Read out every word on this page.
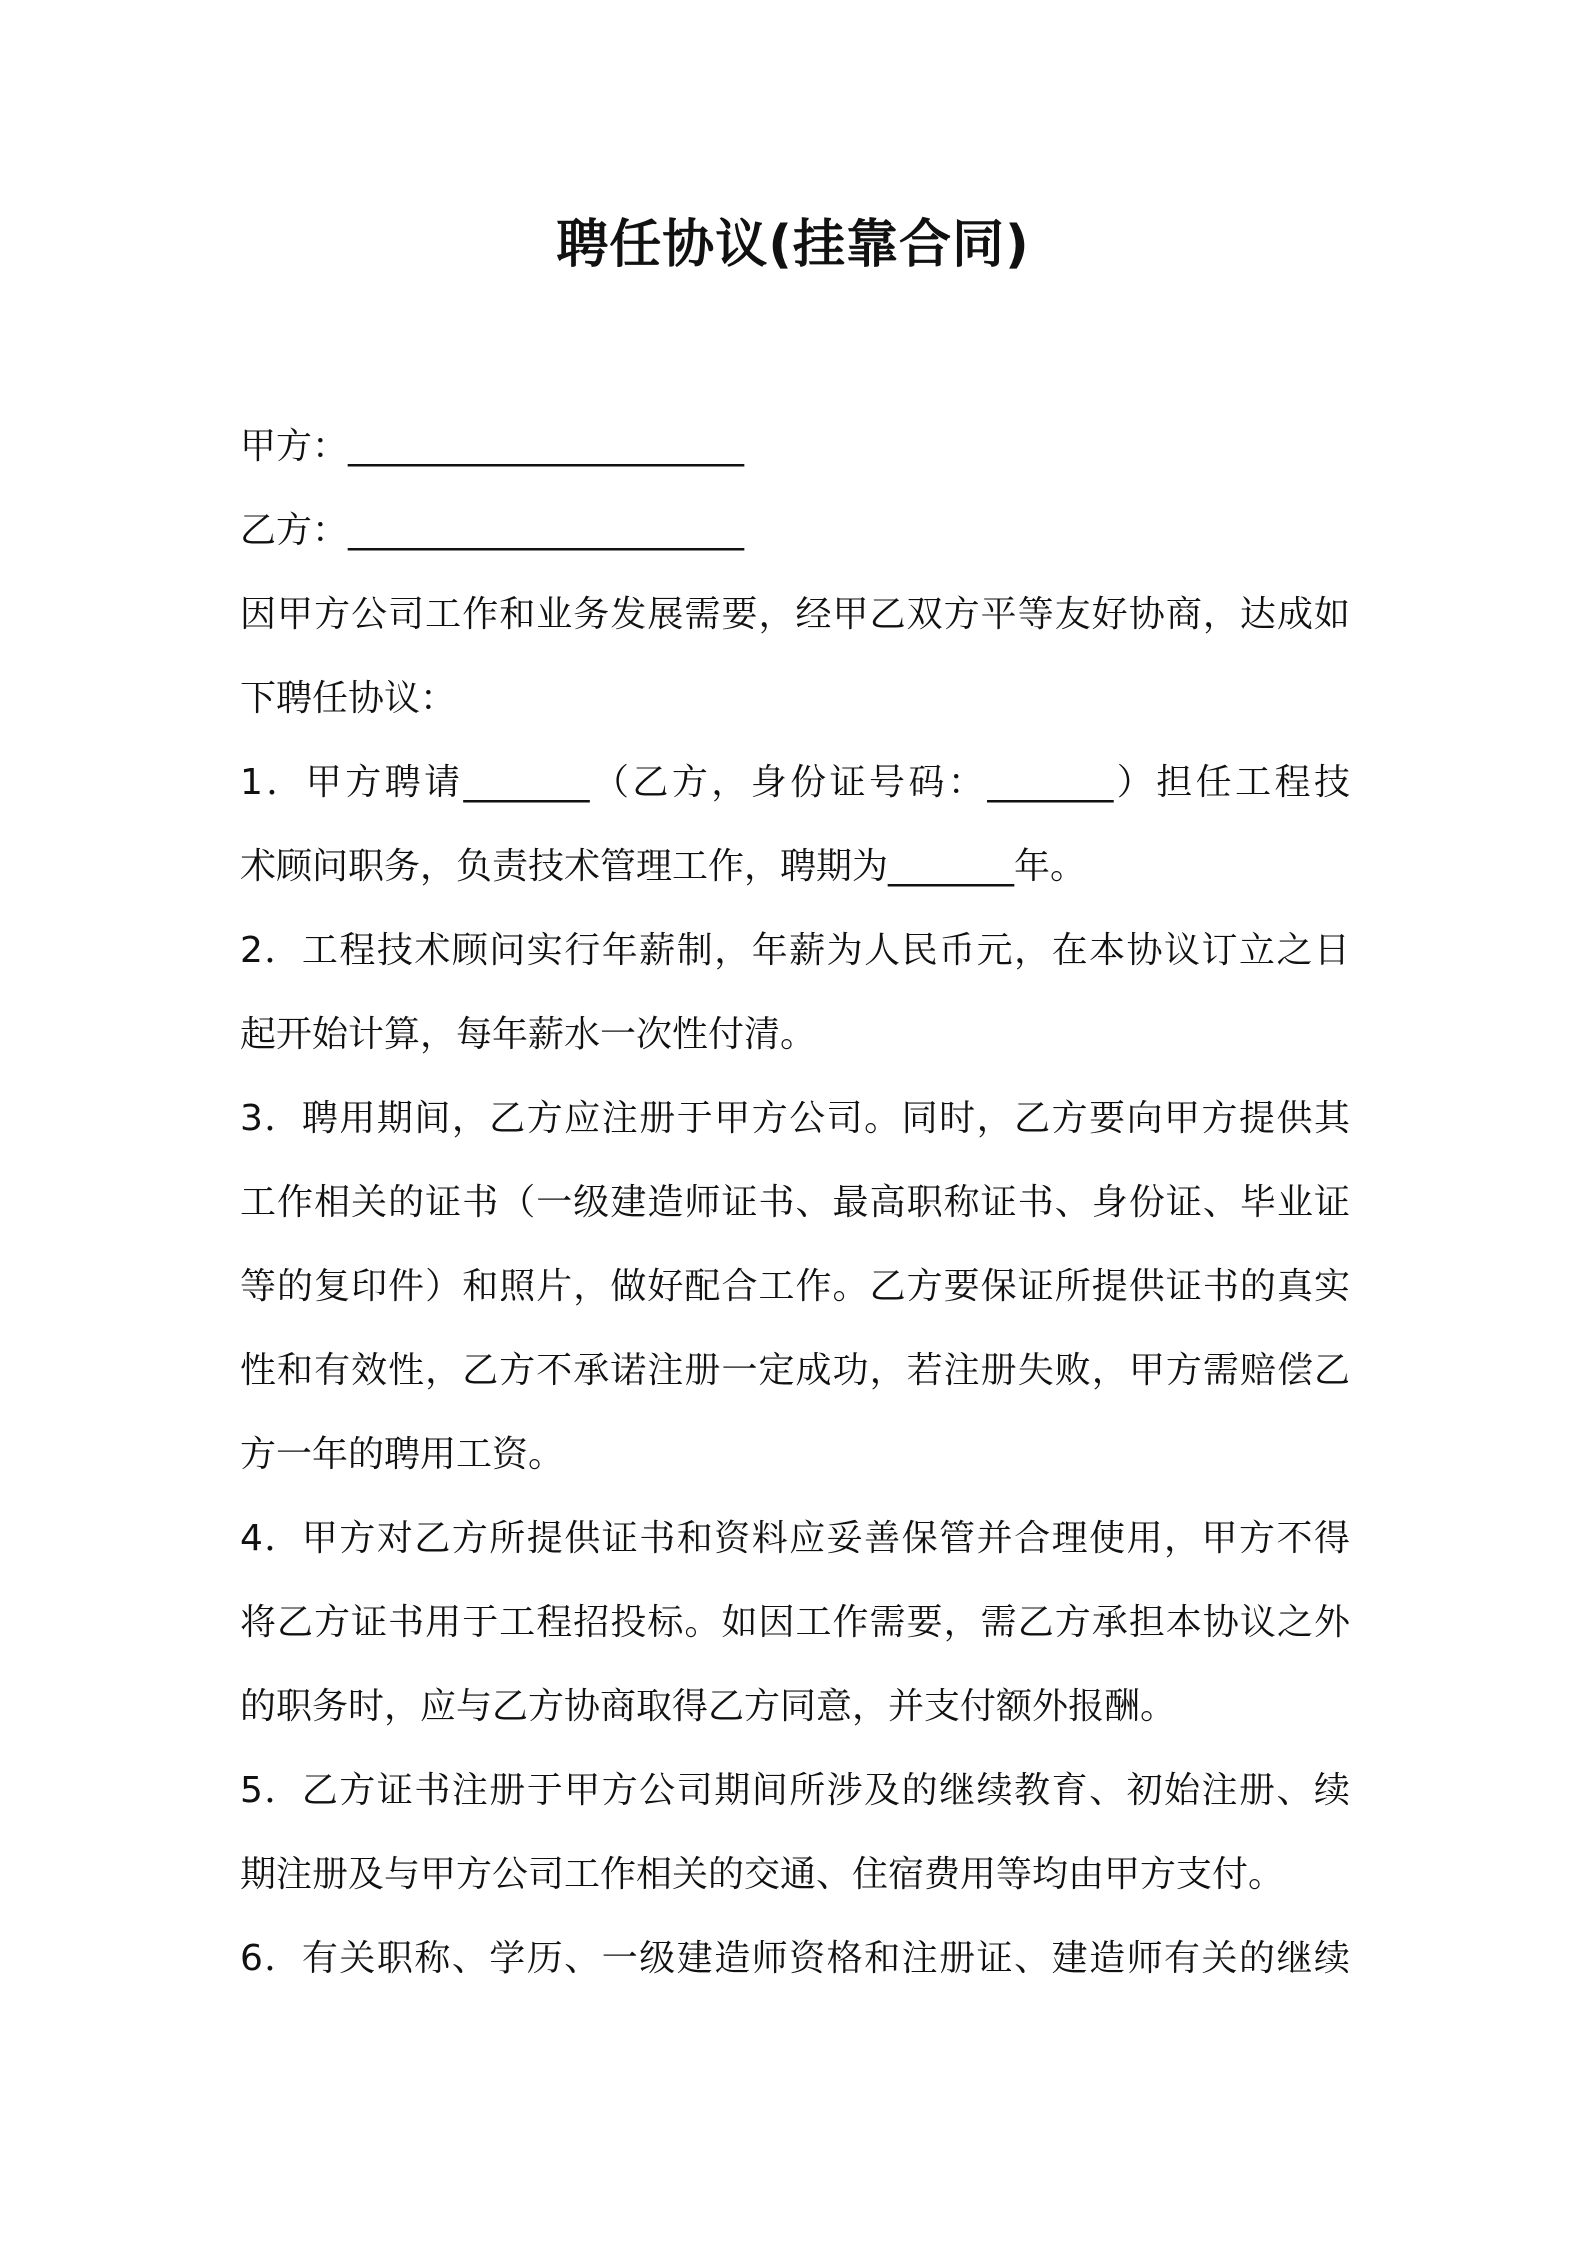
聘任协议(挂靠合同)

甲方：______________________

乙方：______________________

因甲方公司工作和业务发展需要，经甲乙双方平等友好协商，达成如

下聘任协议：

1．甲方聘请_______（乙方，身份证号码：_______）担任工程技

术顾问职务，负责技术管理工作，聘期为_______年。

2．工程技术顾问实行年薪制，年薪为人民币元，在本协议订立之日

起开始计算，每年薪水一次性付清。

3．聘用期间，乙方应注册于甲方公司。同时，乙方要向甲方提供其

工作相关的证书（一级建造师证书、最高职称证书、身份证、毕业证

等的复印件）和照片，做好配合工作。乙方要保证所提供证书的真实

性和有效性，乙方不承诺注册一定成功，若注册失败，甲方需赔偿乙

方一年的聘用工资。

4．甲方对乙方所提供证书和资料应妥善保管并合理使用，甲方不得

将乙方证书用于工程招投标。如因工作需要，需乙方承担本协议之外

的职务时，应与乙方协商取得乙方同意，并支付额外报酬。

5．乙方证书注册于甲方公司期间所涉及的继续教育、初始注册、续

期注册及与甲方公司工作相关的交通、住宿费用等均由甲方支付。

6．有关职称、学历、一级建造师资格和注册证、建造师有关的继续
